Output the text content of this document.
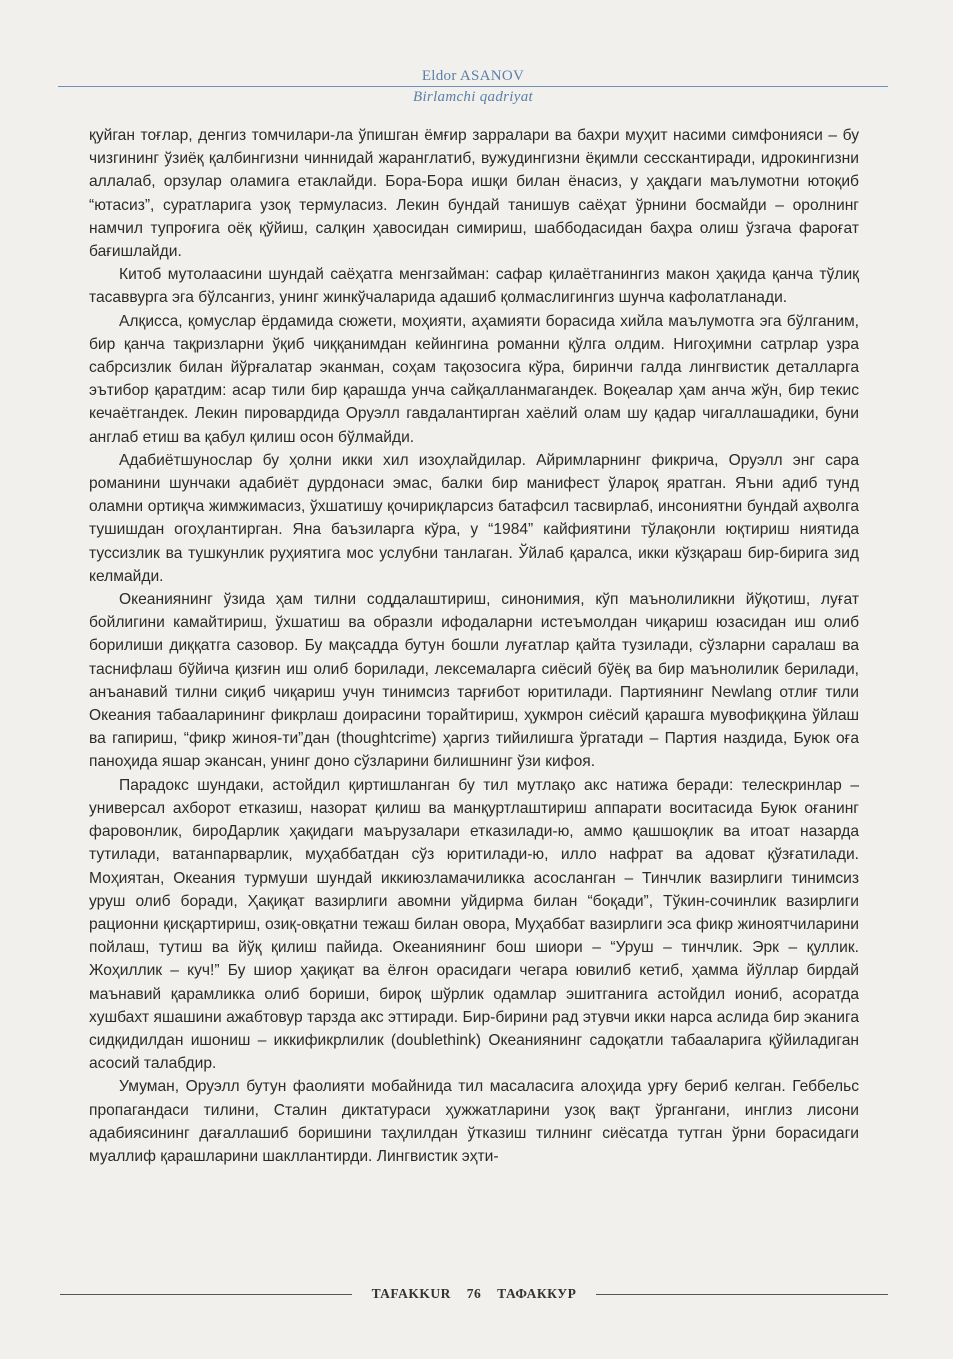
Eldor ASANOV
Birlamchi qadriyat

қуйган тоғлар, денгиз томчилари-ла ўпишган ёмғир зарралари ва бахри муҳит насими симфонияси – бу чизгининг ўзиёқ қалбингизни чиннидай жаранглатиб, вужудингизни ёқимли сесскантиради, идрокингизни аллалаб, орзулар оламига етаклайди. Бора-Бора ишқи билан ёнасиз, у ҳақдаги маълумотни ютоқиб “ютасиз”, суратларига узоқ термуласиз. Лекин бундай танишув саёҳат ўрнини босмайди – оролнинг намчил тупроғига оёқ қўйиш, салқин ҳавосидан симириш, шаббодасидан баҳра олиш ўзгача фароғат бағишлайди.

Китоб мутолаасини шундай саёҳатга менгзайман: сафар қилаётганингиз макон ҳақида қанча тўлиқ тасаввурга эга бўлсангиз, унинг жинкўчаларида адашиб қолмаслигингиз шунча кафолатланади.

Алқисса, қомуслар ёрдамида сюжети, моҳияти, аҳамияти борасида хийла маълумотга эга бўлганим, бир қанча тақризларни ўқиб чиққанимдан кейингина романни қўлга олдим. Нигоҳимни сатрлар узра сабрсизлик билан йўрғалатар эканман, соҳам тақозосига кўра, биринчи галда лингвистик деталларга эътибор қаратдим: асар тили бир қарашда унча сайқалланмагандек. Воқеалар ҳам анча жўн, бир текис кечаётгандек. Лекин пировардида Оруэлл гавдалантирган хаёлий олам шу қадар чигаллашадики, буни англаб етиш ва қабул қилиш осон бўлмайди.

Адабиётшунослар бу ҳолни икки хил изоҳлайдилар. Айримларнинг фикрича, Оруэлл энг сара романини шунчаки адабиёт дурдонаси эмас, балки бир манифест ўлароқ яратган. Яъни адиб тунд оламни ортиқча жимжимасиз, ўхшатишу қочириқларсиз батафсил тасвирлаб, инсониятни бундай аҳволга тушишдан огоҳлантирган. Яна баъзиларга кўра, у “1984” кайфиятини тўлақонли юқтириш ниятида туссизлик ва тушкунлик руҳиятига мос услубни танлаган. Ўйлаб қаралса, икки кўзқараш бир-бирига зид келмайди.

Океаниянинг ўзида ҳам тилни соддалаштириш, синонимия, кўп маънолиликни йўқотиш, луғат бойлигини камайтириш, ўхшатиш ва образли ифодаларни истеъмолдан чиқариш юзасидан иш олиб борилиши диққатга сазовор. Бу мақсадда бутун бошли луғатлар қайта тузилади, сўзларни саралаш ва таснифлаш бўйича қизғин иш олиб борилади, лексемаларга сиёсий бўёқ ва бир маънолилик берилади, анъанавий тилни сиқиб чиқариш учун тинимсиз тарғибот юритилади. Партиянинг Newlang отлиғ тили Океания табааларининг фикрлаш доирасини торайтириш, ҳукмрон сиёсий қарашга мувофиққина ўйлаш ва гапириш, “фикр жиноя-ти”дан (thoughtcrime) ҳаргиз тийилишга ўргатади – Партия наздида, Буюк оға паноҳида яшар экансан, унинг доно сўзларини билишнинг ўзи кифоя.

Парадокс шундаки, астойдил қиртишланган бу тил мутлақо акс натижа беради: телескринлар – универсал ахборот етказиш, назорат қилиш ва манқуртлаштириш аппарати воситасида Буюк оғанинг фаровонлик, бироДарлик ҳақидаги маърузалари етказилади-ю, аммо қашшоқлик ва итоат назарда тутилади, ватанпарварлик, муҳаббатдан сўз юритилади-ю, илло нафрат ва адоват қўзғатилади. Моҳиятан, Океания турмуши шундай иккиюзламачиликка асосланган – Тинчлик вазирлиги тинимсиз уруш олиб боради, Ҳақиқат вазирлиги авомни уйдирма билан “боқади”, Тўкин-сочинлик вазирлиги рационни қисқартириш, озиқ-овқатни тежаш билан овора, Муҳаббат вазирлиги эса фикр жиноятчиларини пойлаш, тутиш ва йўқ қилиш пайида. Океаниянинг бош шиори – “Уруш – тинчлик. Эрк – қуллик. Жоҳиллик – куч!” Бу шиор ҳақиқат ва ёлғон орасидаги чегара ювилиб кетиб, ҳамма йўллар бирдай маънавий қарамликка олиб бориши, бироқ шўрлик одамлар эшитганига астойдил иониб, асоратда хушбахт яшашини ажабтовур тарзда акс эттиради. Бир-бирини рад этувчи икки нарса аслида бир эканига сидқидилдан ишониш – иккификрлилик (doublethink) Океаниянинг садоқатли табааларига қўйиладиган асосий талабдир.

Умуман, Оруэлл бутун фаолияти мобайнида тил масаласига алоҳида урғу бериб келган. Геббельс пропагандаси тилини, Сталин диктатураси ҳужжатларини узоқ вақт ўргангани, инглиз лисони адабиясининг дағаллашиб боришини таҳлилдан ўтказиш тилнинг сиёсатда тутган ўрни борасидаги муаллиф қарашларини шакллантирди. Лингвистик эҳти-

TAFAKKUR 76 ТАФАККУР
